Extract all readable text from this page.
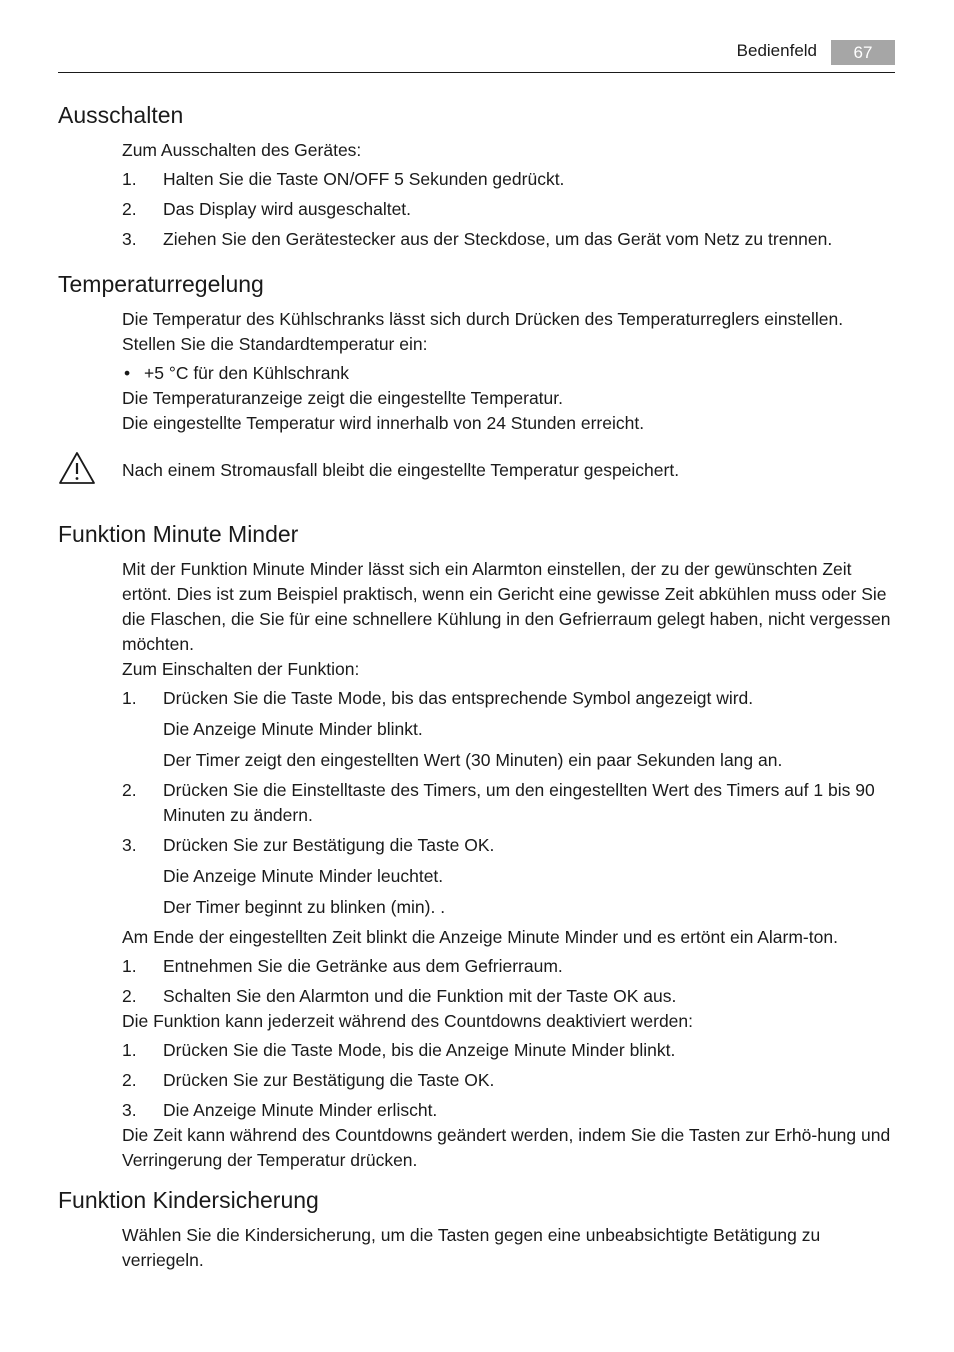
Bedienfeld	67
Ausschalten

Zum Ausschalten des Gerätes:

1. Halten Sie die Taste ON/OFF 5 Sekunden gedrückt.
2. Das Display wird ausgeschaltet.
3. Ziehen Sie den Gerätestecker aus der Steckdose, um das Gerät vom Netz zu trennen.
Temperaturregelung

Die Temperatur des Kühlschranks lässt sich durch Drücken des Temperaturreglers einstellen.

Stellen Sie die Standardtemperatur ein:

• +5 °C für den Kühlschrank

Die Temperaturanzeige zeigt die eingestellte Temperatur.

Die eingestellte Temperatur wird innerhalb von 24 Stunden erreicht.

Nach einem Stromausfall bleibt die eingestellte Temperatur gespeichert.

Funktion Minute Minder

Mit der Funktion Minute Minder lässt sich ein Alarmton einstellen, der zu der gewünschten Zeit ertönt. Dies ist zum Beispiel praktisch, wenn ein Gericht eine gewisse Zeit abkühlen muss oder Sie die Flaschen, die Sie für eine schnellere Kühlung in den Gefrierraum gelegt haben, nicht vergessen möchten.

Zum Einschalten der Funktion:

1. Drücken Sie die Taste Mode, bis das entsprechende Symbol angezeigt wird.

Die Anzeige Minute Minder blinkt.

Der Timer zeigt den eingestellten Wert (30 Minuten) ein paar Sekunden lang an.

2. Drücken Sie die Einstelltaste des Timers, um den eingestellten Wert des Timers auf 1 bis 90 Minuten zu ändern.
3. Drücken Sie zur Bestätigung die Taste OK.

Die Anzeige Minute Minder leuchtet.

Der Timer beginnt zu blinken (min). .

Am Ende der eingestellten Zeit blinkt die Anzeige Minute Minder und es ertönt ein Alarm-ton.

1. Entnehmen Sie die Getränke aus dem Gefrierraum.
2. Schalten Sie den Alarmton und die Funktion mit der Taste OK aus.

Die Funktion kann jederzeit während des Countdowns deaktiviert werden:

1. Drücken Sie die Taste Mode, bis die Anzeige Minute Minder blinkt.
2. Drücken Sie zur Bestätigung die Taste OK.
3. Die Anzeige Minute Minder erlischt.

Die Zeit kann während des Countdowns geändert werden, indem Sie die Tasten zur Erhö-hung und Verringerung der Temperatur drücken.

Funktion Kindersicherung

Wählen Sie die Kindersicherung, um die Tasten gegen eine unbeabsichtigte Betätigung zu verriegeln.
